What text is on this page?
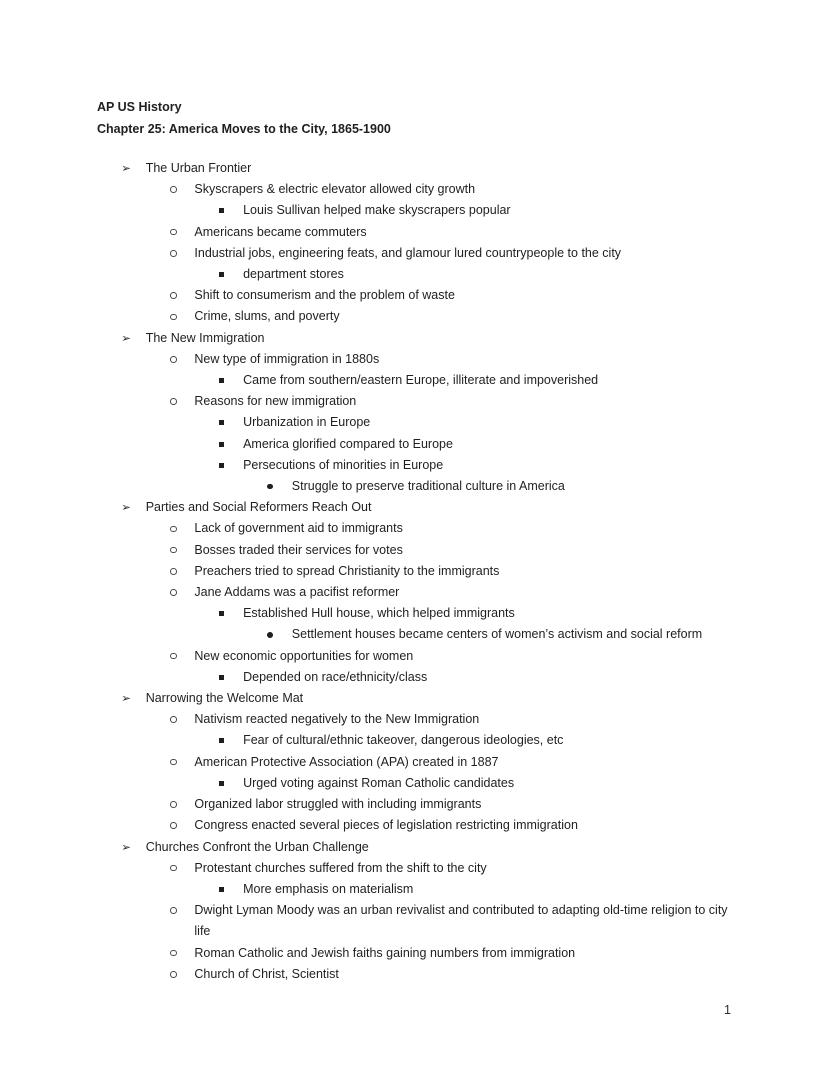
AP US History

Chapter 25: America Moves to the City, 1865-1900

➢ The Urban Frontier
Skyscrapers & electric elevator allowed city growth
Louis Sullivan helped make skyscrapers popular
Americans became commuters
Industrial jobs, engineering feats, and glamour lured countrypeople to the city
department stores
Shift to consumerism and the problem of waste
Crime, slums, and poverty
➢ The New Immigration
New type of immigration in 1880s
Came from southern/eastern Europe, illiterate and impoverished
Reasons for new immigration
Urbanization in Europe
America glorified compared to Europe
Persecutions of minorities in Europe
Struggle to preserve traditional culture in America
➢ Parties and Social Reformers Reach Out
Lack of government aid to immigrants
Bosses traded their services for votes
Preachers tried to spread Christianity to the immigrants
Jane Addams was a pacifist reformer
Established Hull house, which helped immigrants
Settlement houses became centers of women’s activism and social reform
New economic opportunities for women
Depended on race/ethnicity/class
➢ Narrowing the Welcome Mat
Nativism reacted negatively to the New Immigration
Fear of cultural/ethnic takeover, dangerous ideologies, etc
American Protective Association (APA) created in 1887
Urged voting against Roman Catholic candidates
Organized labor struggled with including immigrants
Congress enacted several pieces of legislation restricting immigration
➢ Churches Confront the Urban Challenge
Protestant churches suffered from the shift to the city
More emphasis on materialism
Dwight Lyman Moody was an urban revivalist and contributed to adapting old-time religion to city life
Roman Catholic and Jewish faiths gaining numbers from immigration
Church of Christ, Scientist
1
